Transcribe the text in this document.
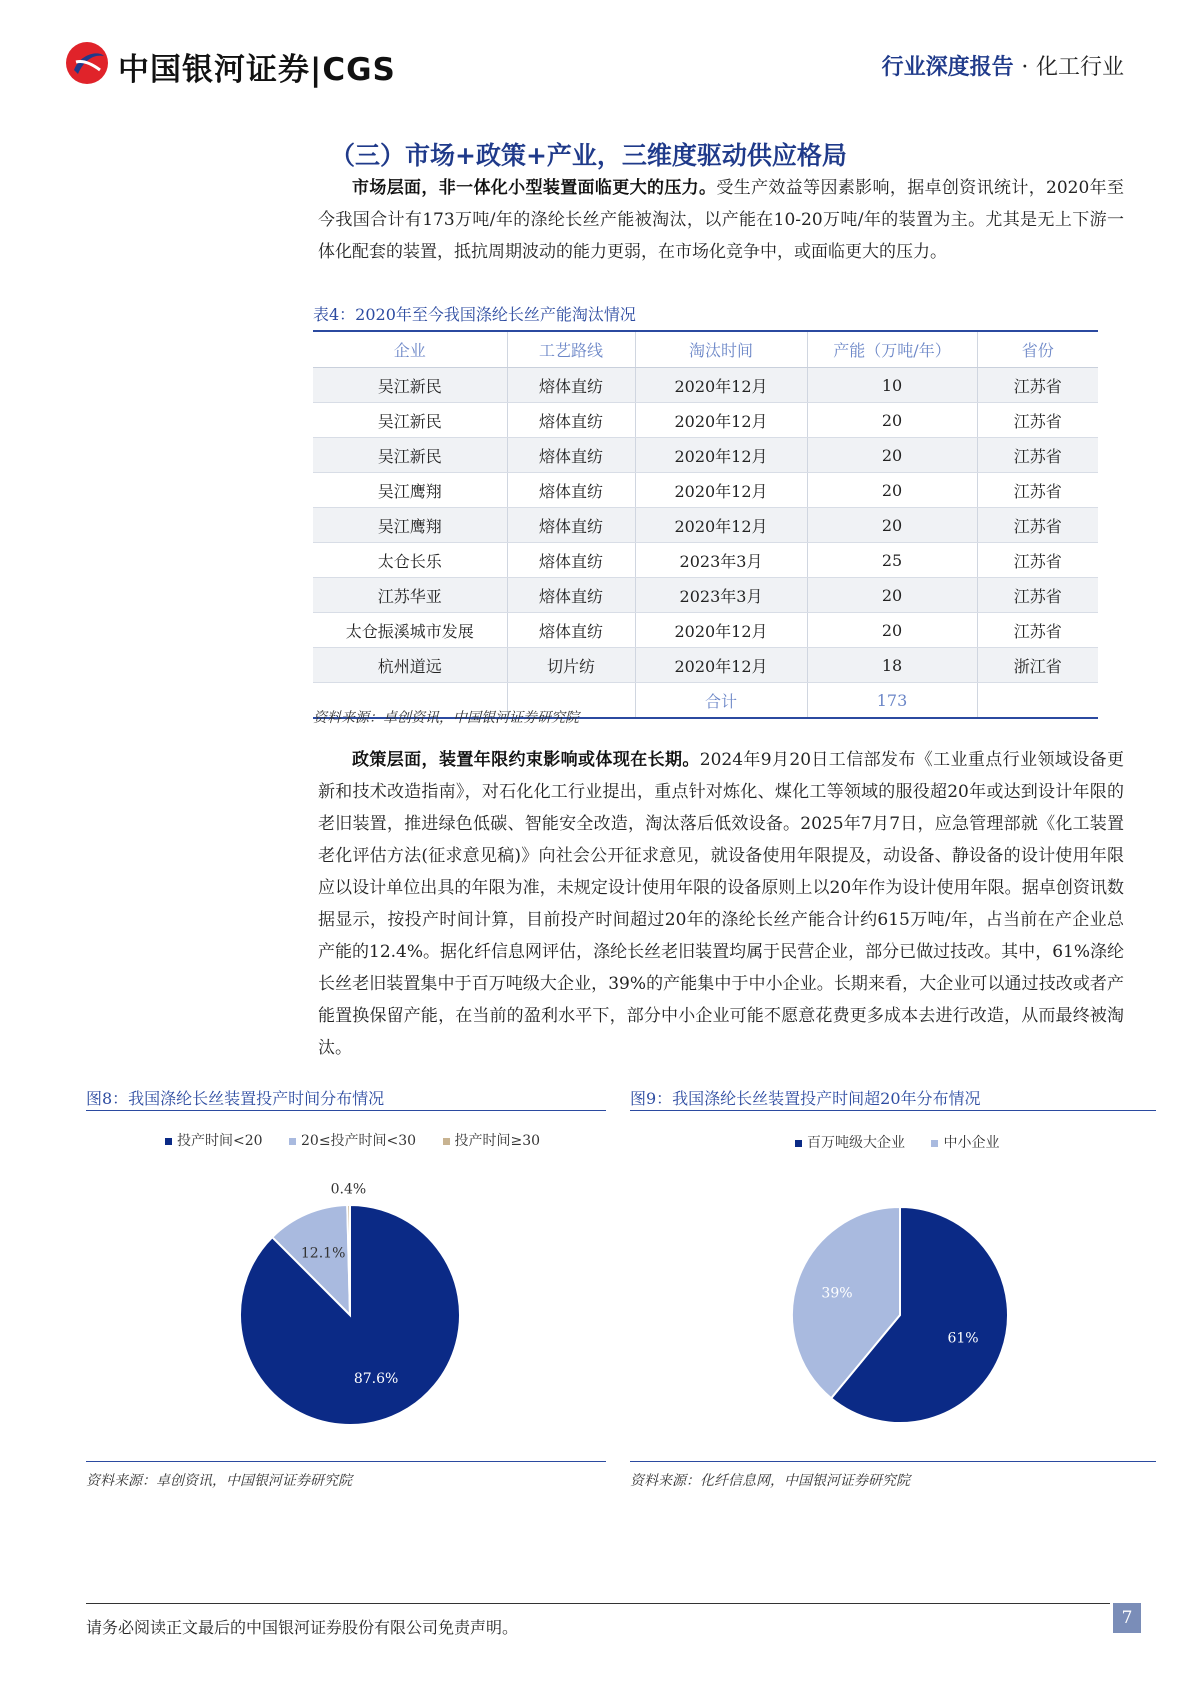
中国银河证券|CGS	行业深度报告 · 化工行业
（三）市场+政策+产业，三维度驱动供应格局

市场层面，非一体化小型装置面临更大的压力。受生产效益等因素影响，据卓创资讯统计，2020年至今我国合计有173万吨/年的涤纶长丝产能被淘汰，以产能在10-20万吨/年的装置为主。尤其是无上下游一体化配套的装置，抵抗周期波动的能力更弱，在市场化竞争中，或面临更大的压力。

表4：2020年至今我国涤纶长丝产能淘汰情况
企业	工艺路线	淘汰时间	产能（万吨/年）	省份
吴江新民	熔体直纺	2020年12月	10	江苏省
吴江新民	熔体直纺	2020年12月	20	江苏省
吴江新民	熔体直纺	2020年12月	20	江苏省
吴江鹰翔	熔体直纺	2020年12月	20	江苏省
吴江鹰翔	熔体直纺	2020年12月	20	江苏省
太仓长乐	熔体直纺	2023年3月	25	江苏省
江苏华亚	熔体直纺	2023年3月	20	江苏省
太仓振溪城市发展	熔体直纺	2020年12月	20	江苏省
杭州道远	切片纺	2020年12月	18	浙江省
		合计	173	
资料来源：卓创资讯，中国银河证券研究院

政策层面，装置年限约束影响或体现在长期。2024年9月20日工信部发布《工业重点行业领域设备更新和技术改造指南》，对石化化工行业提出，重点针对炼化、煤化工等领域的服役超20年或达到设计年限的老旧装置，推进绿色低碳、智能安全改造，淘汰落后低效设备。2025年7月7日，应急管理部就《化工装置老化评估方法(征求意见稿)》向社会公开征求意见，就设备使用年限提及，动设备、静设备的设计使用年限应以设计单位出具的年限为准，未规定设计使用年限的设备原则上以20年作为设计使用年限。据卓创资讯数据显示，按投产时间计算，目前投产时间超过20年的涤纶长丝产能合计约615万吨/年，占当前在产企业总产能的12.4%。据化纤信息网评估，涤纶长丝老旧装置均属于民营企业，部分已做过技改。其中，61%涤纶长丝老旧装置集中于百万吨级大企业，39%的产能集中于中小企业。长期来看，大企业可以通过技改或者产能置换保留产能，在当前的盈利水平下，部分中小企业可能不愿意花费更多成本去进行改造，从而最终被淘汰。

图8：我国涤纶长丝装置投产时间分布情况
投产时间<20	20≤投产时间<30	投产时间≥30
87.6%
12.1%
0.4%
资料来源：卓创资讯，中国银河证券研究院
图9：我国涤纶长丝装置投产时间超20年分布情况
百万吨级大企业	中小企业
61%
39%
资料来源：化纤信息网，中国银河证券研究院
请务必阅读正文最后的中国银河证券股份有限公司免责声明。	7
